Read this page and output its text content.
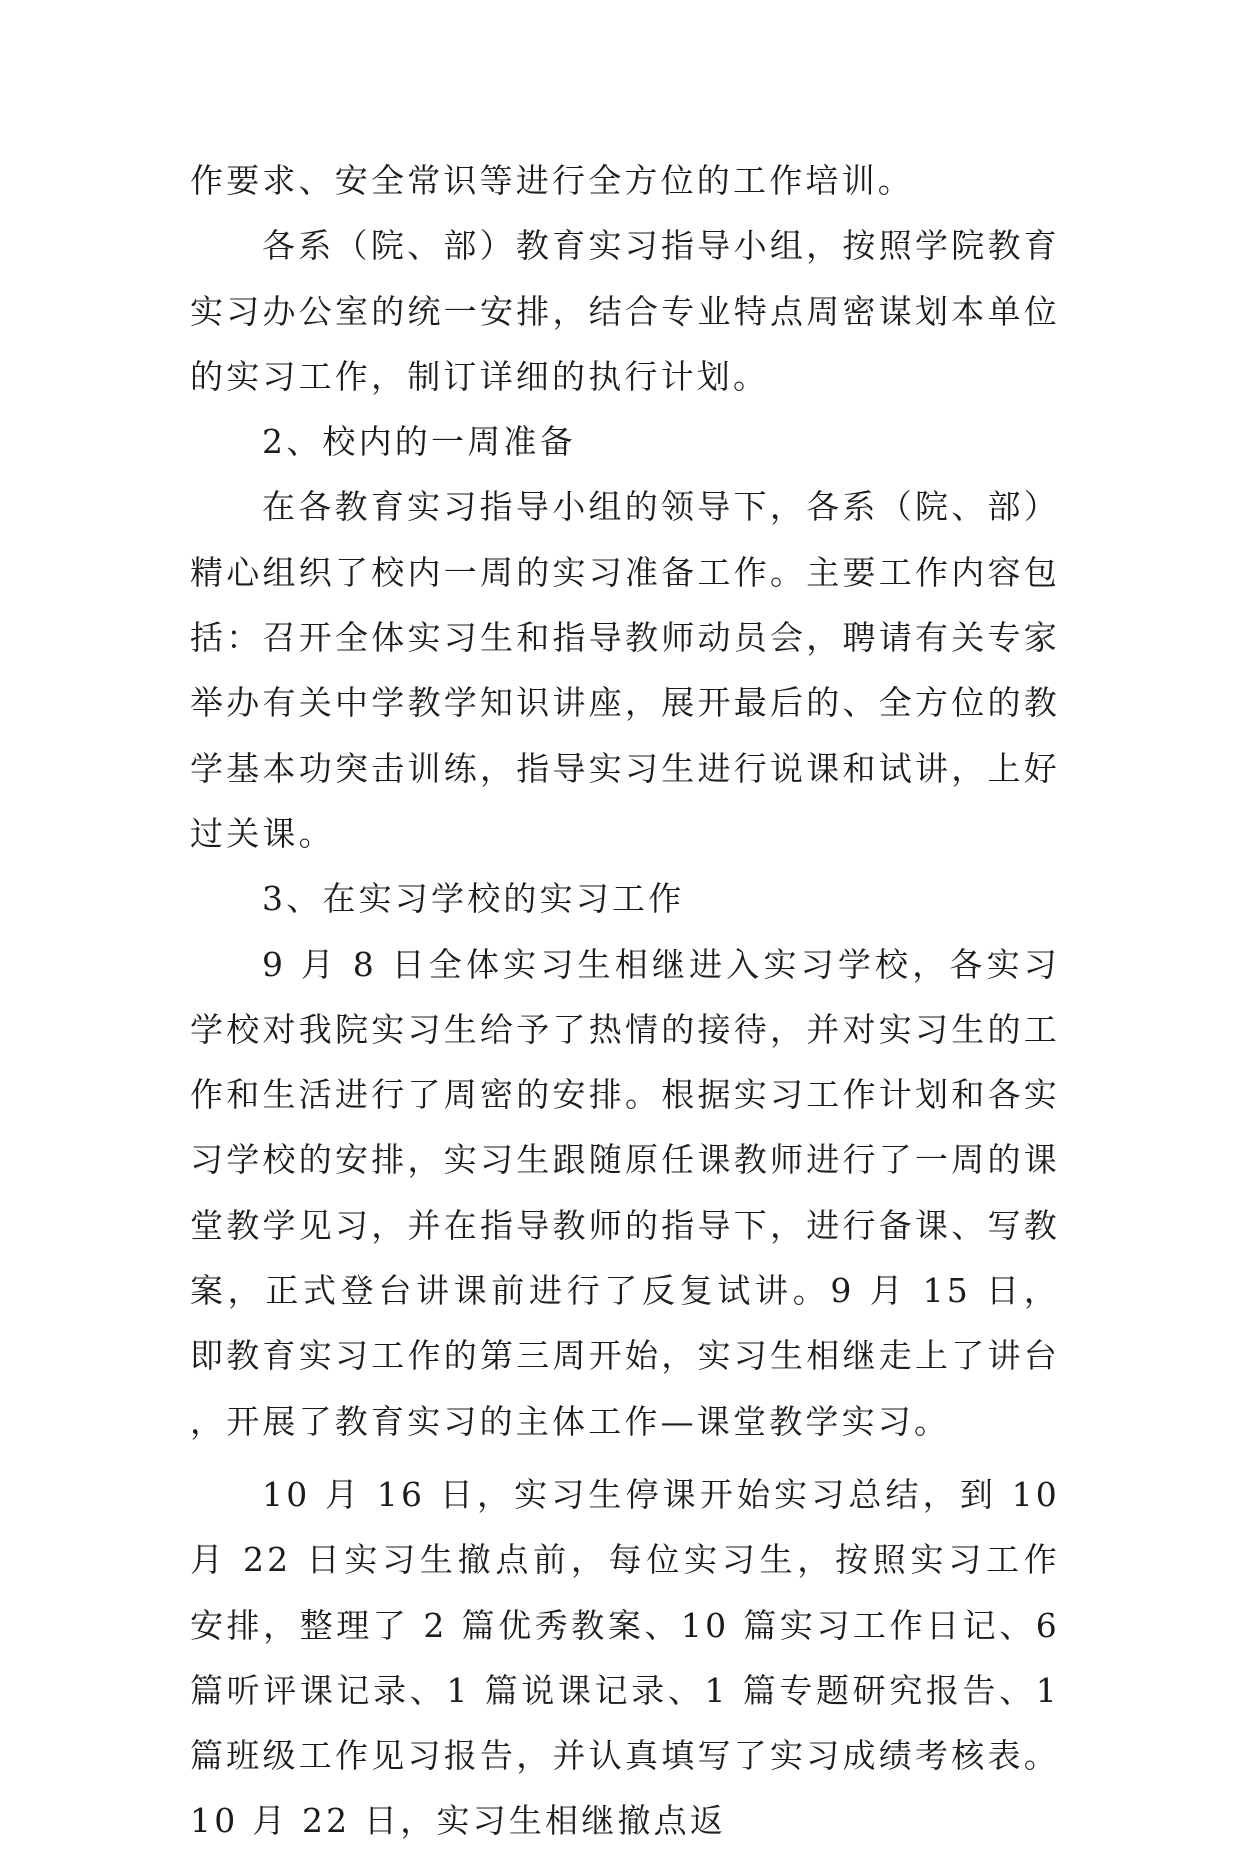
作要求、安全常识等进行全方位的工作培训。

各系（院、部）教育实习指导小组，按照学院教育实习办公室的统一安排，结合专业特点周密谋划本单位的实习工作，制订详细的执行计划。

2、校内的一周准备

在各教育实习指导小组的领导下，各系（院、部）精心组织了校内一周的实习准备工作。主要工作内容包括：召开全体实习生和指导教师动员会，聘请有关专家举办有关中学教学知识讲座，展开最后的、全方位的教学基本功突击训练，指导实习生进行说课和试讲，上好过关课。

3、在实习学校的实习工作

9 月 8 日全体实习生相继进入实习学校，各实习学校对我院实习生给予了热情的接待，并对实习生的工作和生活进行了周密的安排。根据实习工作计划和各实习学校的安排，实习生跟随原任课教师进行了一周的课堂教学见习，并在指导教师的指导下，进行备课、写教案，正式登台讲课前进行了反复试讲。9 月 15 日，即教育实习工作的第三周开始，实习生相继走上了讲台，开展了教育实习的主体工作—课堂教学实习。

10 月 16 日，实习生停课开始实习总结，到 10 月 22 日实习生撤点前，每位实习生，按照实习工作安排，整理了 2 篇优秀教案、10 篇实习工作日记、6 篇听评课记录、1 篇说课记录、1 篇专题研究报告、1 篇班级工作见习报告，并认真填写了实习成绩考核表。10 月 22 日，实习生相继撤点返
